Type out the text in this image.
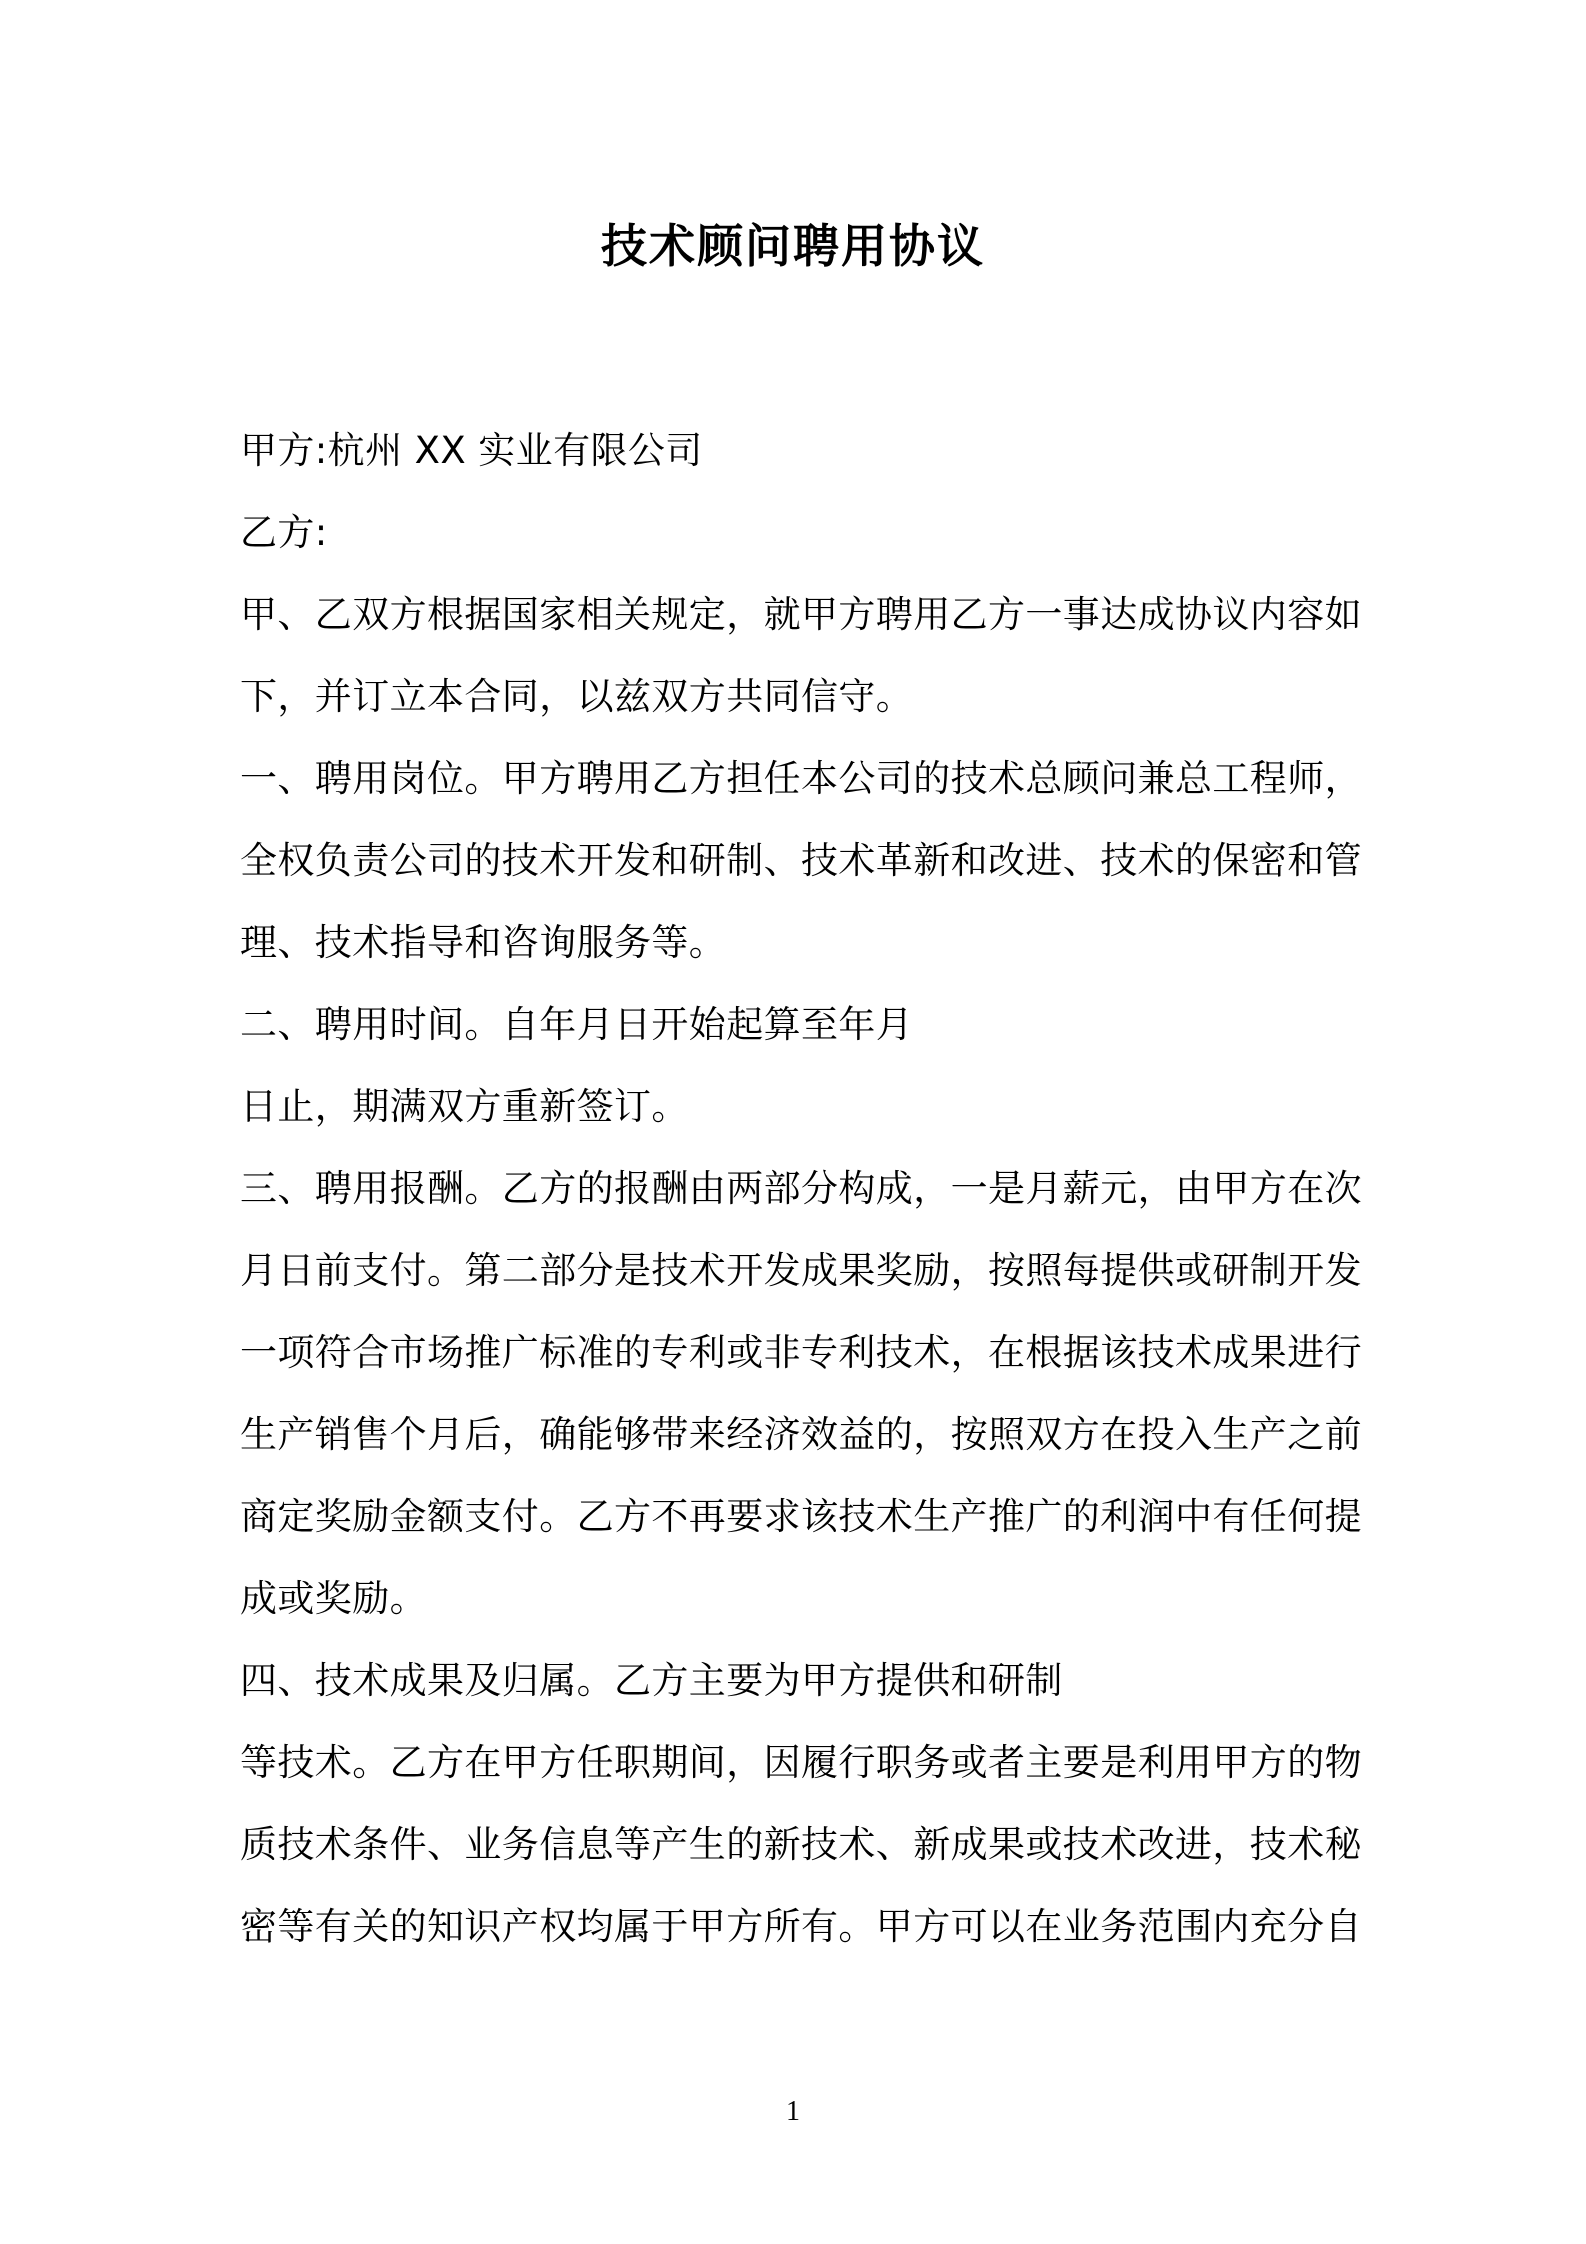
技术顾问聘用协议
甲方:杭州 XX 实业有限公司
乙方:
甲、乙双方根据国家相关规定，就甲方聘用乙方一事达成协议内容如
下，并订立本合同，以兹双方共同信守。
一、聘用岗位。甲方聘用乙方担任本公司的技术总顾问兼总工程师，
全权负责公司的技术开发和研制、技术革新和改进、技术的保密和管
理、技术指导和咨询服务等。
二、聘用时间。自年月日开始起算至年月
日止，期满双方重新签订。
三、聘用报酬。乙方的报酬由两部分构成，一是月薪元，由甲方在次
月日前支付。第二部分是技术开发成果奖励，按照每提供或研制开发
一项符合市场推广标准的专利或非专利技术，在根据该技术成果进行
生产销售个月后，确能够带来经济效益的，按照双方在投入生产之前
商定奖励金额支付。乙方不再要求该技术生产推广的利润中有任何提
成或奖励。
四、技术成果及归属。乙方主要为甲方提供和研制
等技术。乙方在甲方任职期间，因履行职务或者主要是利用甲方的物
质技术条件、业务信息等产生的新技术、新成果或技术改进，技术秘
密等有关的知识产权均属于甲方所有。甲方可以在业务范围内充分自
1
